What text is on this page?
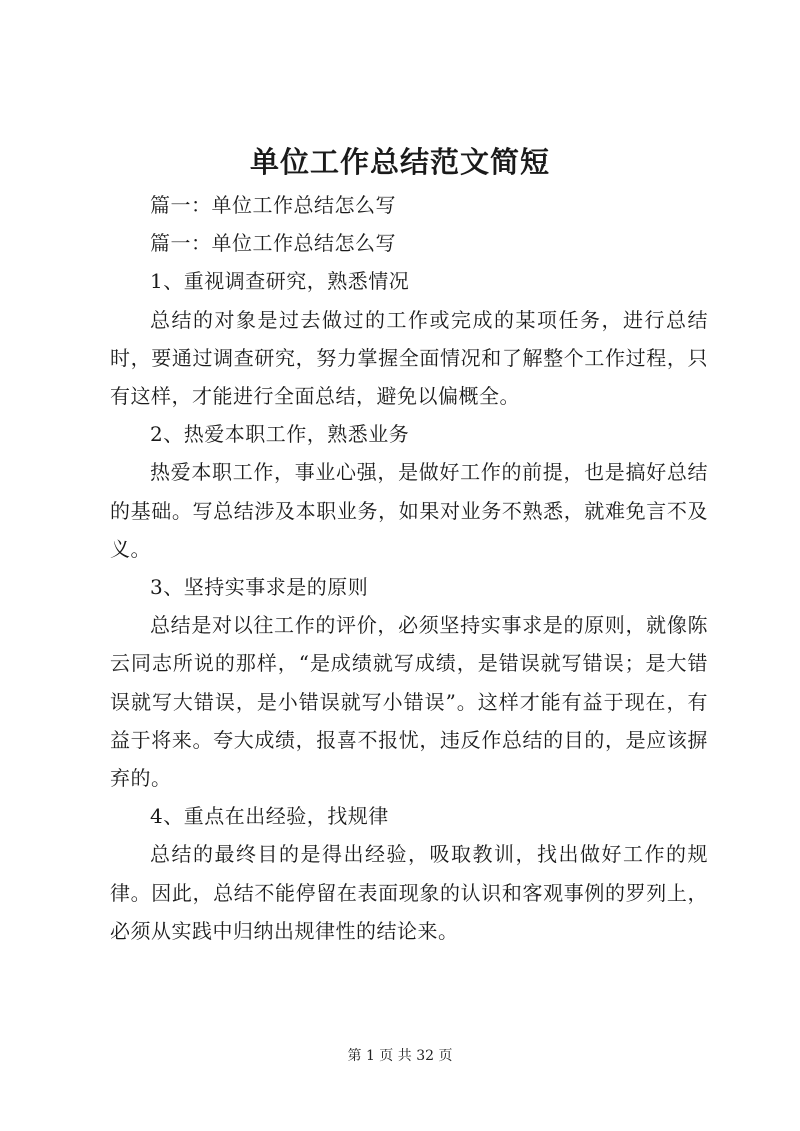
单位工作总结范文简短

篇一：单位工作总结怎么写

篇一：单位工作总结怎么写

1、重视调查研究，熟悉情况

总结的对象是过去做过的工作或完成的某项任务，进行总结时，要通过调查研究，努力掌握全面情况和了解整个工作过程，只有这样，才能进行全面总结，避免以偏概全。

2、热爱本职工作，熟悉业务

热爱本职工作，事业心强，是做好工作的前提，也是搞好总结的基础。写总结涉及本职业务，如果对业务不熟悉，就难免言不及义。

3、坚持实事求是的原则

总结是对以往工作的评价，必须坚持实事求是的原则，就像陈云同志所说的那样，“是成绩就写成绩，是错误就写错误；是大错误就写大错误，是小错误就写小错误”。这样才能有益于现在，有益于将来。夸大成绩，报喜不报忧，违反作总结的目的，是应该摒弃的。

4、重点在出经验，找规律

总结的最终目的是得出经验，吸取教训，找出做好工作的规律。因此，总结不能停留在表面现象的认识和客观事例的罗列上，必须从实践中归纳出规律性的结论来。

第 1 页 共 32 页
